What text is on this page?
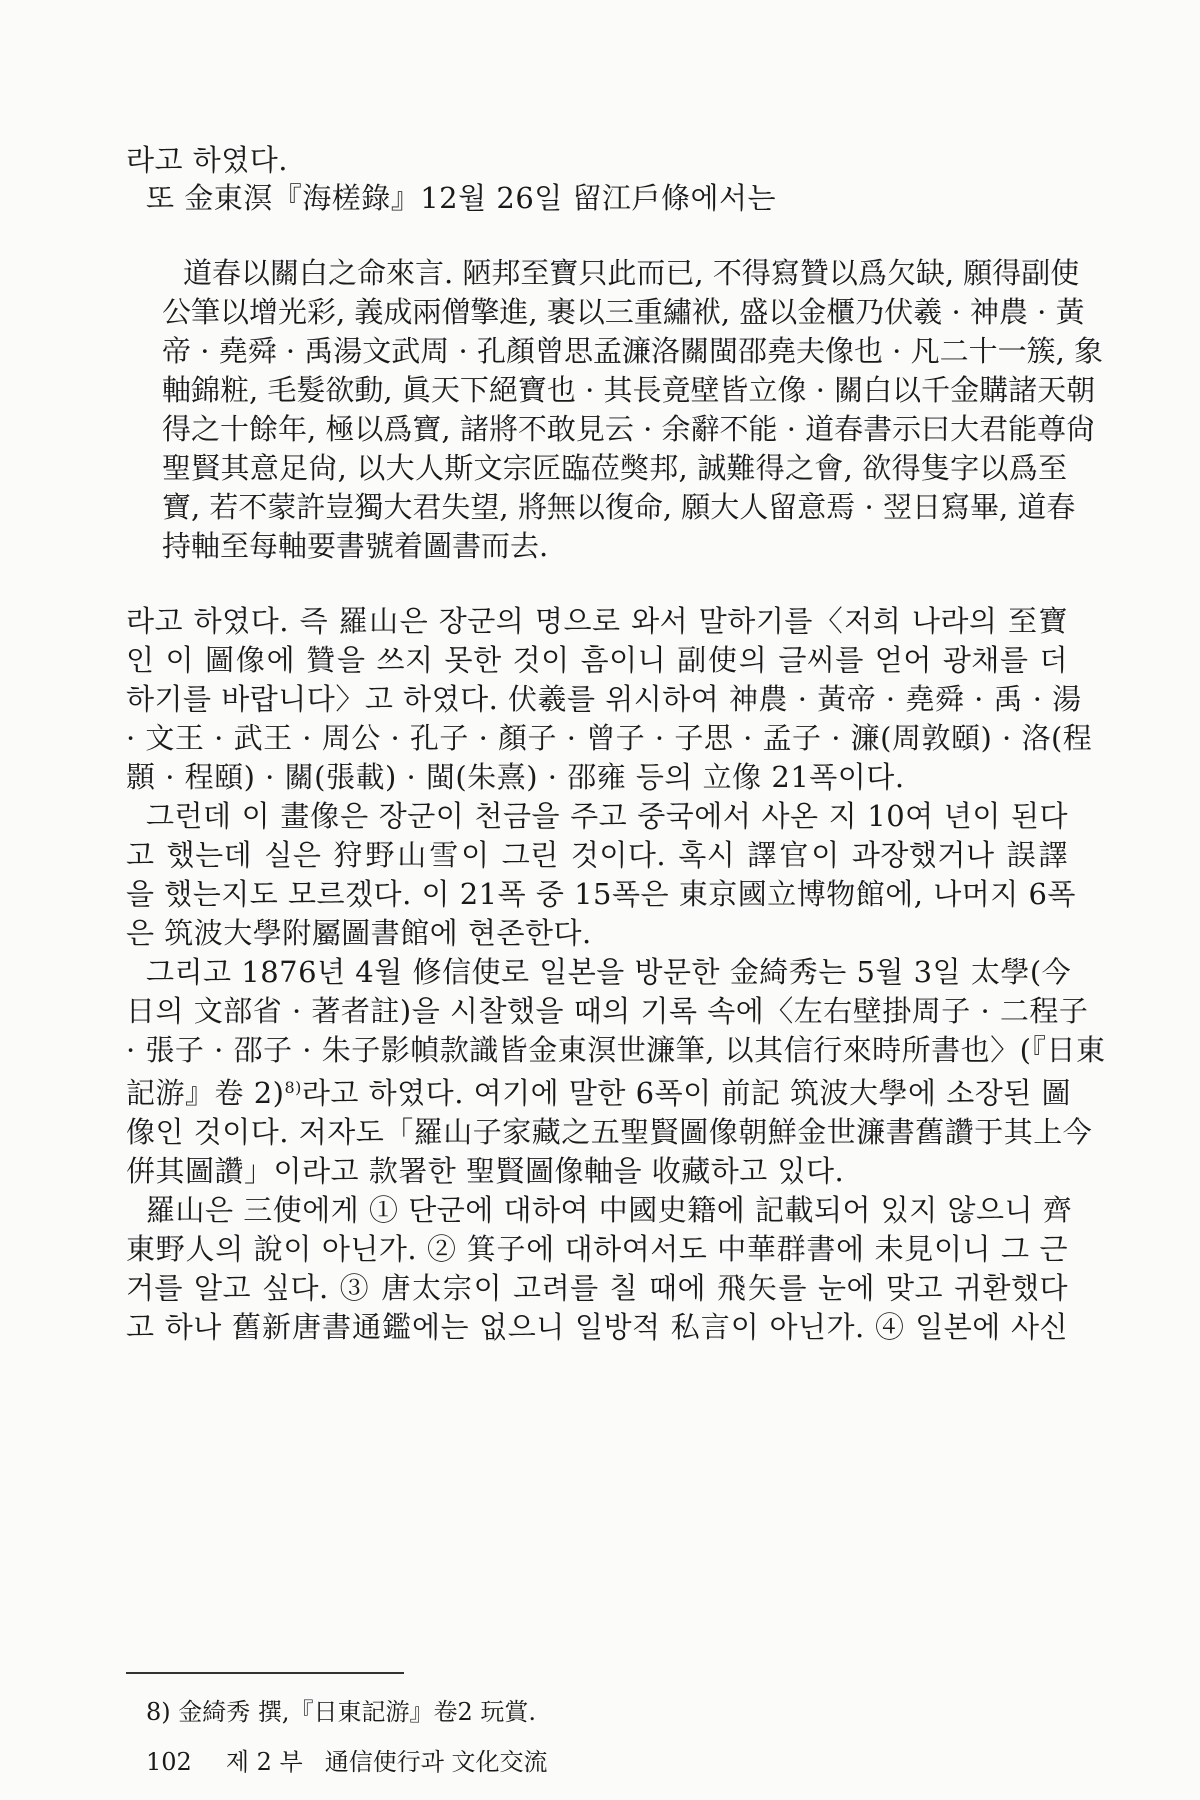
라고 하였다.
또 金東溟『海槎錄』12월 26일 留江戶條에서는
道春以關白之命來言. 陋邦至寶只此而已, 不得寫贊以爲欠缺, 願得副使
公筆以增光彩, 義成兩僧擎進, 裹以三重繡袱, 盛以金櫃乃伏羲 · 神農 · 黃
帝 · 堯舜 · 禹湯文武周 · 孔顏曾思孟濂洛關閩邵堯夫像也 · 凡二十一簇, 象
軸錦粧, 毛髮欲動, 眞天下絕寶也 · 其長竟壁皆立像 · 關白以千金購諸天朝
得之十餘年, 極以爲寶, 諸將不敢見云 · 余辭不能 · 道春書示曰大君能尊尙
聖賢其意足尙, 以大人斯文宗匠臨莅獘邦, 誠難得之會, 欲得隻字以爲至
寶, 若不蒙許豈獨大君失望, 將無以復命, 願大人留意焉 · 翌日寫畢, 道春
持軸至每軸要書號着圖書而去.
라고 하였다. 즉 羅山은 장군의 명으로 와서 말하기를〈저희 나라의 至寶
인 이 圖像에 贊을 쓰지 못한 것이 흠이니 副使의 글씨를 얻어 광채를 더
하기를 바랍니다〉고 하였다. 伏羲를 위시하여 神農 · 黃帝 · 堯舜 · 禹 · 湯
· 文王 · 武王 · 周公 · 孔子 · 顏子 · 曾子 · 子思 · 孟子 · 濂(周敦頤) · 洛(程
顥 · 程頤) · 關(張載) · 閩(朱熹) · 邵雍 등의 立像 21폭이다.
그런데 이 畫像은 장군이 천금을 주고 중국에서 사온 지 10여 년이 된다
고 했는데 실은 狩野山雪이 그린 것이다. 혹시 譯官이 과장했거나 誤譯
을 했는지도 모르겠다. 이 21폭 중 15폭은 東京國立博物館에, 나머지 6폭
은 筑波大學附屬圖書館에 현존한다.
그리고 1876년 4월 修信使로 일본을 방문한 金綺秀는 5월 3일 太學(今
日의 文部省 · 著者註)을 시찰했을 때의 기록 속에〈左右壁掛周子 · 二程子
· 張子 · 邵子 · 朱子影幀款識皆金東溟世濂筆, 以其信行來時所書也〉(『日東
記游』卷 2)$^{8)}$라고 하였다. 여기에 말한 6폭이 前記 筑波大學에 소장된 圖
像인 것이다. 저자도「羅山子家藏之五聖賢圖像朝鮮金世濂書舊讚于其上今
倂其圖讚」이라고 款署한 聖賢圖像軸을 收藏하고 있다.
羅山은 三使에게 ① 단군에 대하여 中國史籍에 記載되어 있지 않으니 齊
東野人의 說이 아닌가. ② 箕子에 대하여서도 中華群書에 未見이니 그 근
거를 알고 싶다. ③ 唐太宗이 고려를 칠 때에 飛矢를 눈에 맞고 귀환했다
고 하나 舊新唐書通鑑에는 없으니 일방적 私言이 아닌가. ④ 일본에 사신
8) 金綺秀 撰,『日東記游』卷2 玩賞.
102 제 2 부 通信使行과 文化交流
